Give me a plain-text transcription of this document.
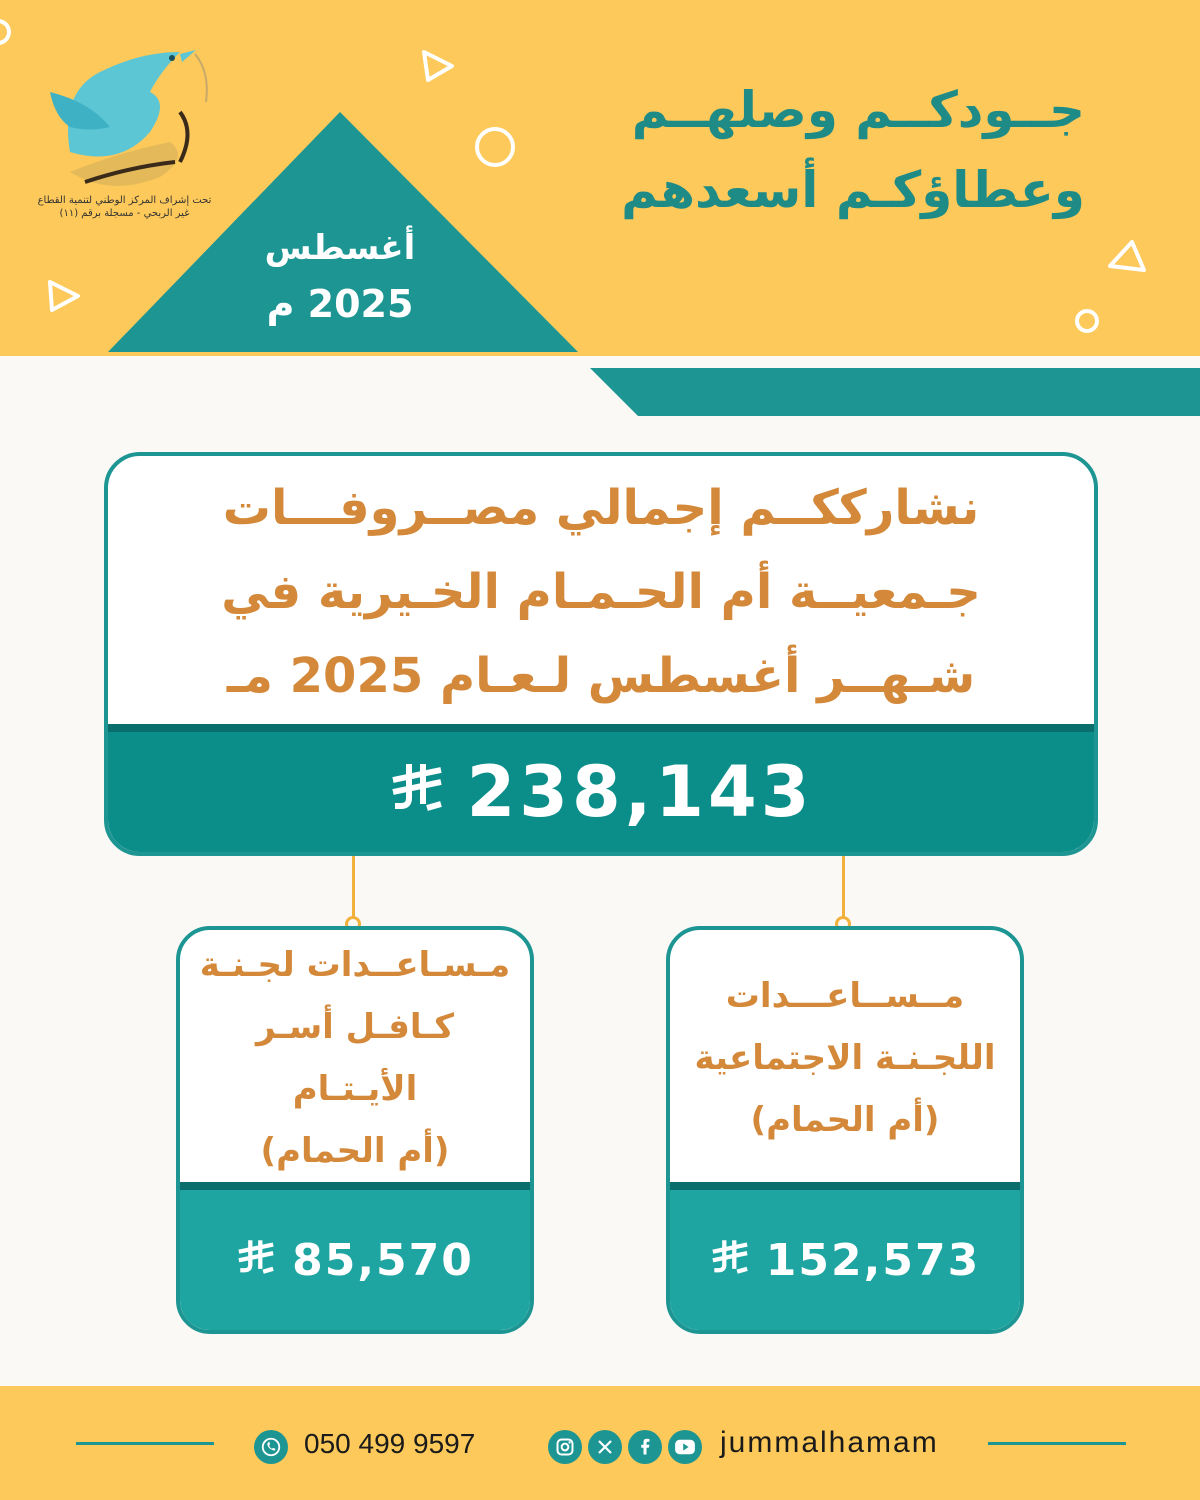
تحت إشراف المركز الوطني لتنمية القطاع
غير الربحي - مسجلة برقم (١١)
جــودكــم وصلهــم
وعطاؤكـم أسعدهم
أغسطس
2025 م
نشارككــم إجمالي مصــروفـــات
جـمعيــة أم الحـمـام الخـيرية في
شـهــر أغسطس لـعـام 2025 مـ
238,143
مــســاعـــدات
اللجـنـة الاجتماعية
(أم الحمام)
152,573
مـسـاعــدات لجـنـة
كـافـل أسـر الأيـتـام
(أم الحمام)
85,570
050 499 9597	jummalhamam
